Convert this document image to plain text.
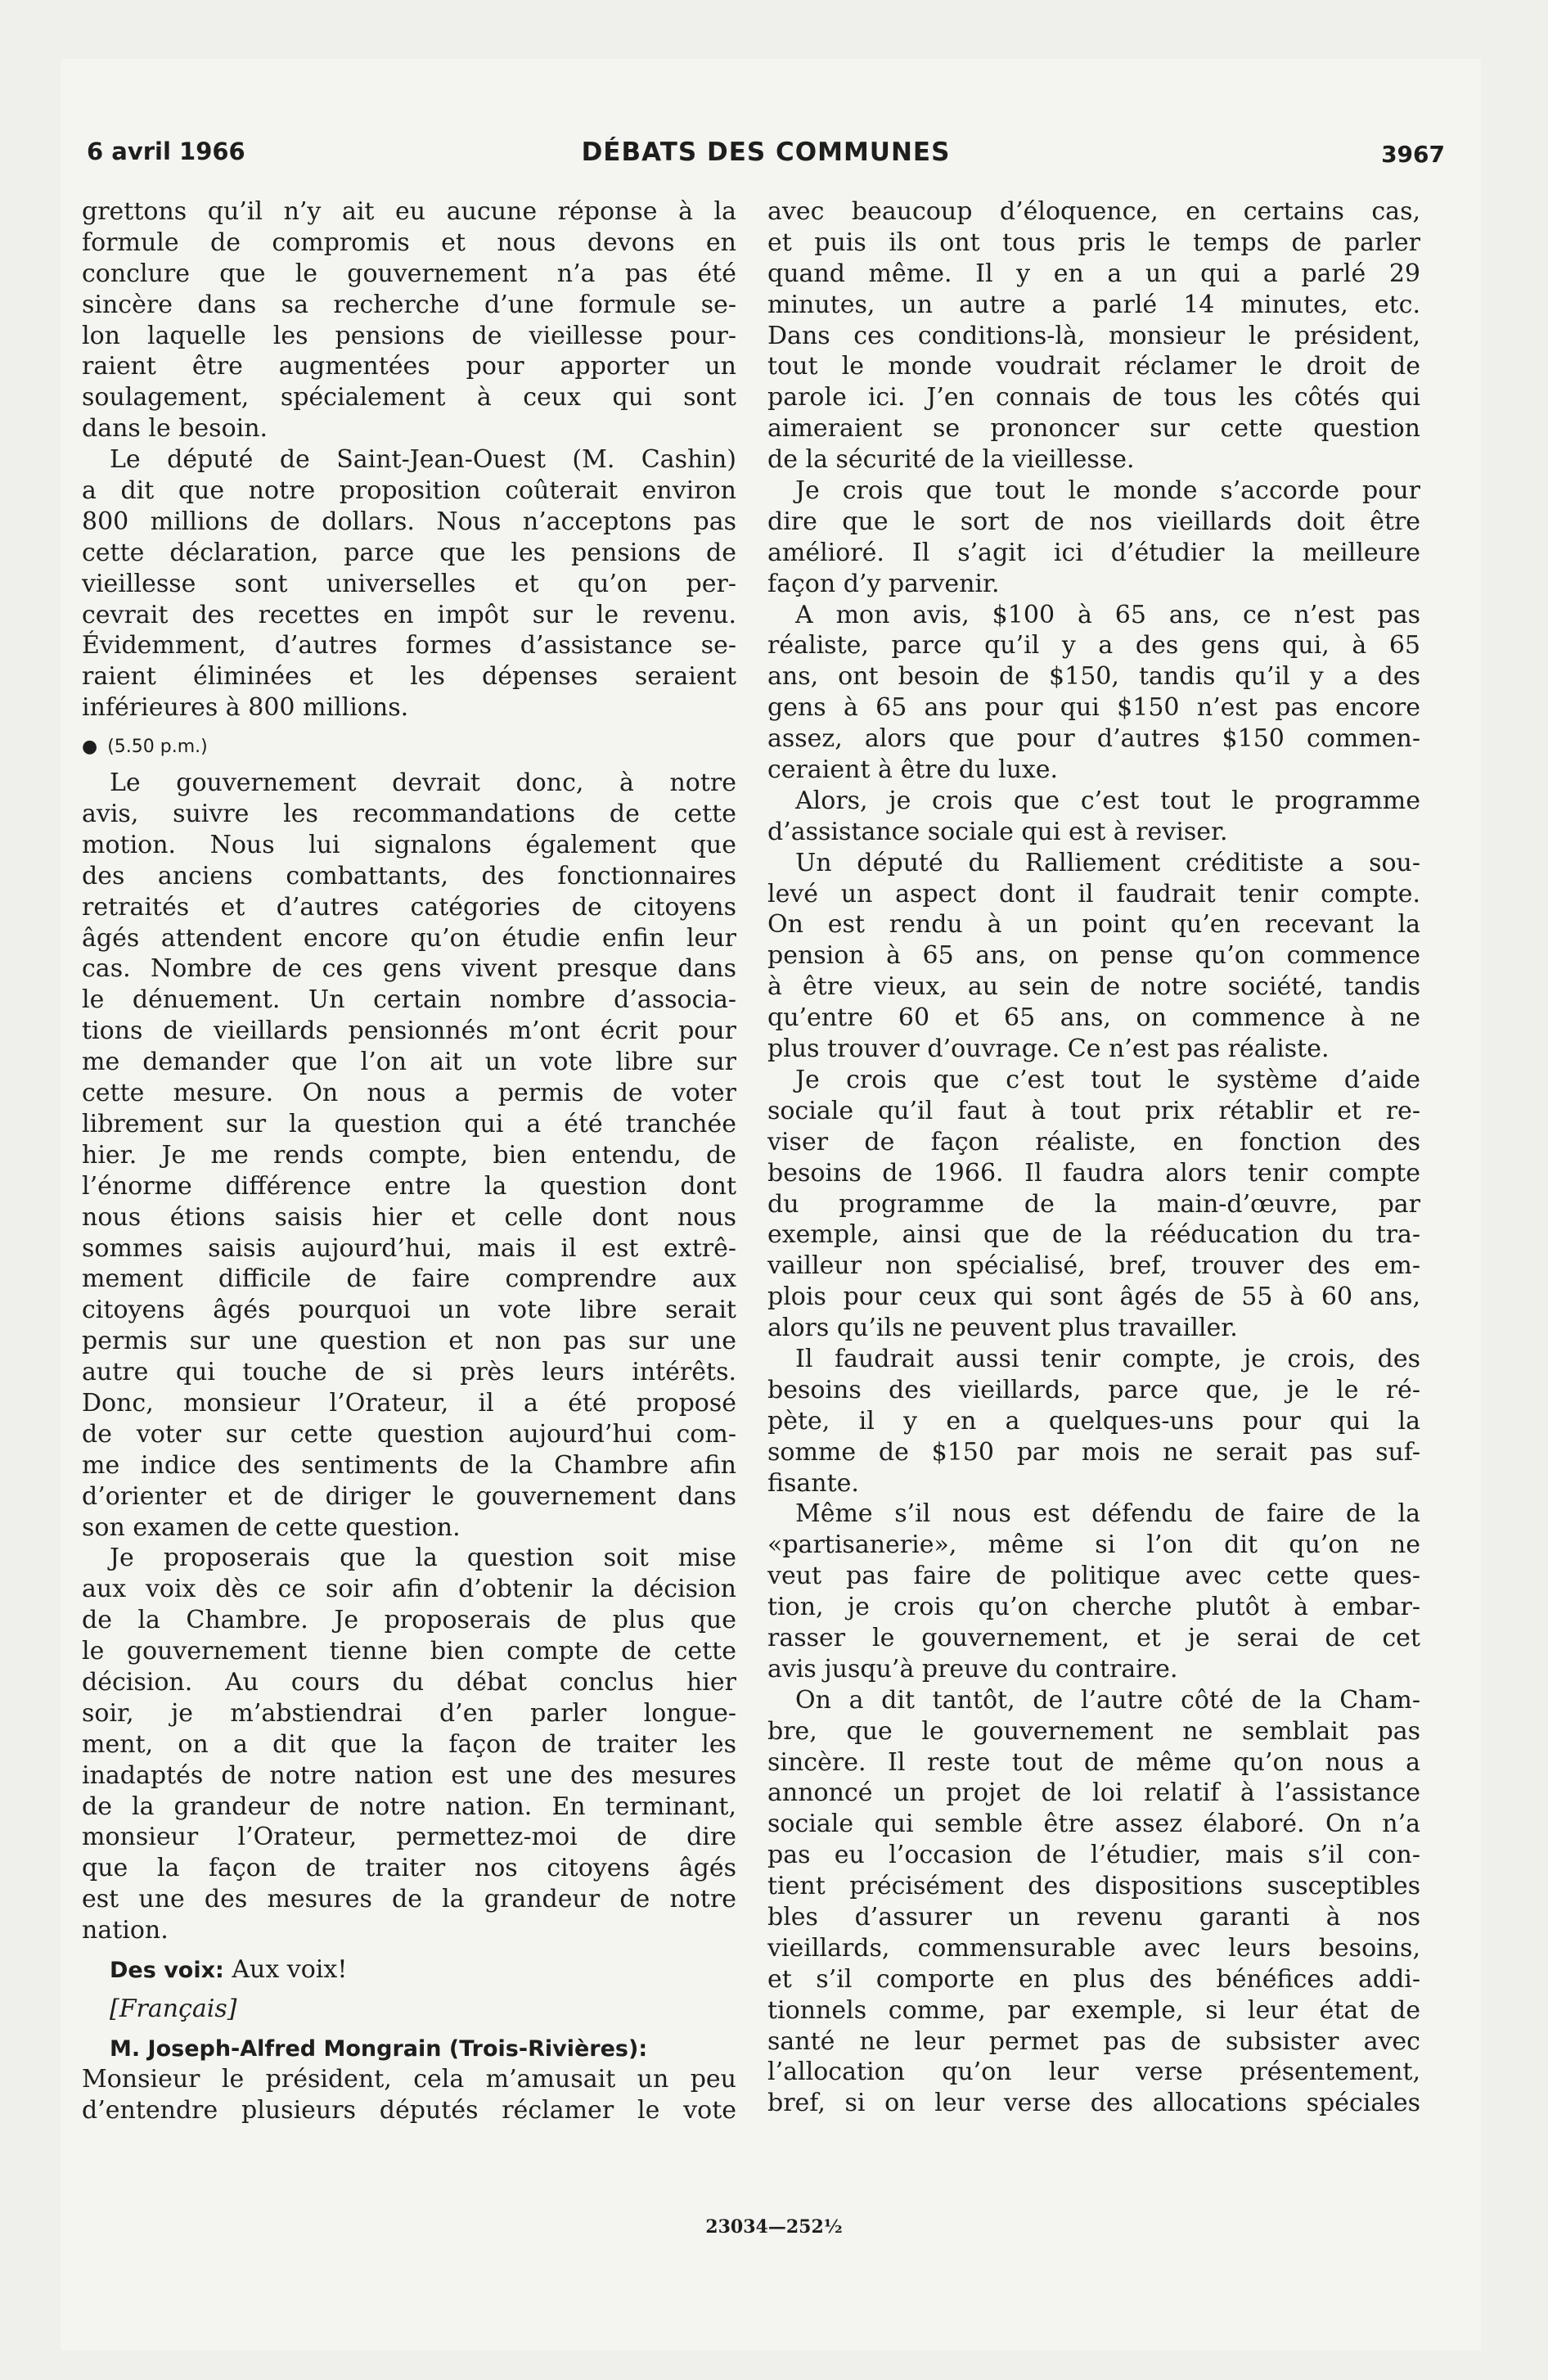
6 avril 1966	DÉBATS DES COMMUNES	3967
grettons qu’il n’y ait eu aucune réponse à la
formule de compromis et nous devons en
conclure que le gouvernement n’a pas été
sincère dans sa recherche d’une formule se-
lon laquelle les pensions de vieillesse pour-
raient être augmentées pour apporter un
soulagement, spécialement à ceux qui sont
dans le besoin.
Le député de Saint-Jean-Ouest (M. Cashin)
a dit que notre proposition coûterait environ
800 millions de dollars. Nous n’acceptons pas
cette déclaration, parce que les pensions de
vieillesse sont universelles et qu’on per-
cevrait des recettes en impôt sur le revenu.
Évidemment, d’autres formes d’assistance se-
raient éliminées et les dépenses seraient
inférieures à 800 millions.
● (5.50 p.m.)
Le gouvernement devrait donc, à notre
avis, suivre les recommandations de cette
motion. Nous lui signalons également que
des anciens combattants, des fonctionnaires
retraités et d’autres catégories de citoyens
âgés attendent encore qu’on étudie enfin leur
cas. Nombre de ces gens vivent presque dans
le dénuement. Un certain nombre d’associa-
tions de vieillards pensionnés m’ont écrit pour
me demander que l’on ait un vote libre sur
cette mesure. On nous a permis de voter
librement sur la question qui a été tranchée
hier. Je me rends compte, bien entendu, de
l’énorme différence entre la question dont
nous étions saisis hier et celle dont nous
sommes saisis aujourd’hui, mais il est extrê-
mement difficile de faire comprendre aux
citoyens âgés pourquoi un vote libre serait
permis sur une question et non pas sur une
autre qui touche de si près leurs intérêts.
Donc, monsieur l’Orateur, il a été proposé
de voter sur cette question aujourd’hui com-
me indice des sentiments de la Chambre afin
d’orienter et de diriger le gouvernement dans
son examen de cette question.
Je proposerais que la question soit mise
aux voix dès ce soir afin d’obtenir la décision
de la Chambre. Je proposerais de plus que
le gouvernement tienne bien compte de cette
décision. Au cours du débat conclus hier
soir, je m’abstiendrai d’en parler longue-
ment, on a dit que la façon de traiter les
inadaptés de notre nation est une des mesures
de la grandeur de notre nation. En terminant,
monsieur l’Orateur, permettez-moi de dire
que la façon de traiter nos citoyens âgés
est une des mesures de la grandeur de notre
nation.
Des voix: Aux voix!
[Français]
M. Joseph-Alfred Mongrain (Trois-Rivières):
Monsieur le président, cela m’amusait un peu
d’entendre plusieurs députés réclamer le vote
avec beaucoup d’éloquence, en certains cas,
et puis ils ont tous pris le temps de parler
quand même. Il y en a un qui a parlé 29
minutes, un autre a parlé 14 minutes, etc.
Dans ces conditions-là, monsieur le président,
tout le monde voudrait réclamer le droit de
parole ici. J’en connais de tous les côtés qui
aimeraient se prononcer sur cette question
de la sécurité de la vieillesse.
Je crois que tout le monde s’accorde pour
dire que le sort de nos vieillards doit être
amélioré. Il s’agit ici d’étudier la meilleure
façon d’y parvenir.
A mon avis, $100 à 65 ans, ce n’est pas
réaliste, parce qu’il y a des gens qui, à 65
ans, ont besoin de $150, tandis qu’il y a des
gens à 65 ans pour qui $150 n’est pas encore
assez, alors que pour d’autres $150 commen-
ceraient à être du luxe.
Alors, je crois que c’est tout le programme
d’assistance sociale qui est à reviser.
Un député du Ralliement créditiste a sou-
levé un aspect dont il faudrait tenir compte.
On est rendu à un point qu’en recevant la
pension à 65 ans, on pense qu’on commence
à être vieux, au sein de notre société, tandis
qu’entre 60 et 65 ans, on commence à ne
plus trouver d’ouvrage. Ce n’est pas réaliste.
Je crois que c’est tout le système d’aide
sociale qu’il faut à tout prix rétablir et re-
viser de façon réaliste, en fonction des
besoins de 1966. Il faudra alors tenir compte
du programme de la main-d’œuvre, par
exemple, ainsi que de la rééducation du tra-
vailleur non spécialisé, bref, trouver des em-
plois pour ceux qui sont âgés de 55 à 60 ans,
alors qu’ils ne peuvent plus travailler.
Il faudrait aussi tenir compte, je crois, des
besoins des vieillards, parce que, je le ré-
pète, il y en a quelques-uns pour qui la
somme de $150 par mois ne serait pas suf-
fisante.
Même s’il nous est défendu de faire de la
«partisanerie», même si l’on dit qu’on ne
veut pas faire de politique avec cette ques-
tion, je crois qu’on cherche plutôt à embar-
rasser le gouvernement, et je serai de cet
avis jusqu’à preuve du contraire.
On a dit tantôt, de l’autre côté de la Cham-
bre, que le gouvernement ne semblait pas
sincère. Il reste tout de même qu’on nous a
annoncé un projet de loi relatif à l’assistance
sociale qui semble être assez élaboré. On n’a
pas eu l’occasion de l’étudier, mais s’il con-
tient précisément des dispositions susceptibles
bles d’assurer un revenu garanti à nos
vieillards, commensurable avec leurs besoins,
et s’il comporte en plus des bénéfices addi-
tionnels comme, par exemple, si leur état de
santé ne leur permet pas de subsister avec
l’allocation qu’on leur verse présentement,
bref, si on leur verse des allocations spéciales
23034—252½
